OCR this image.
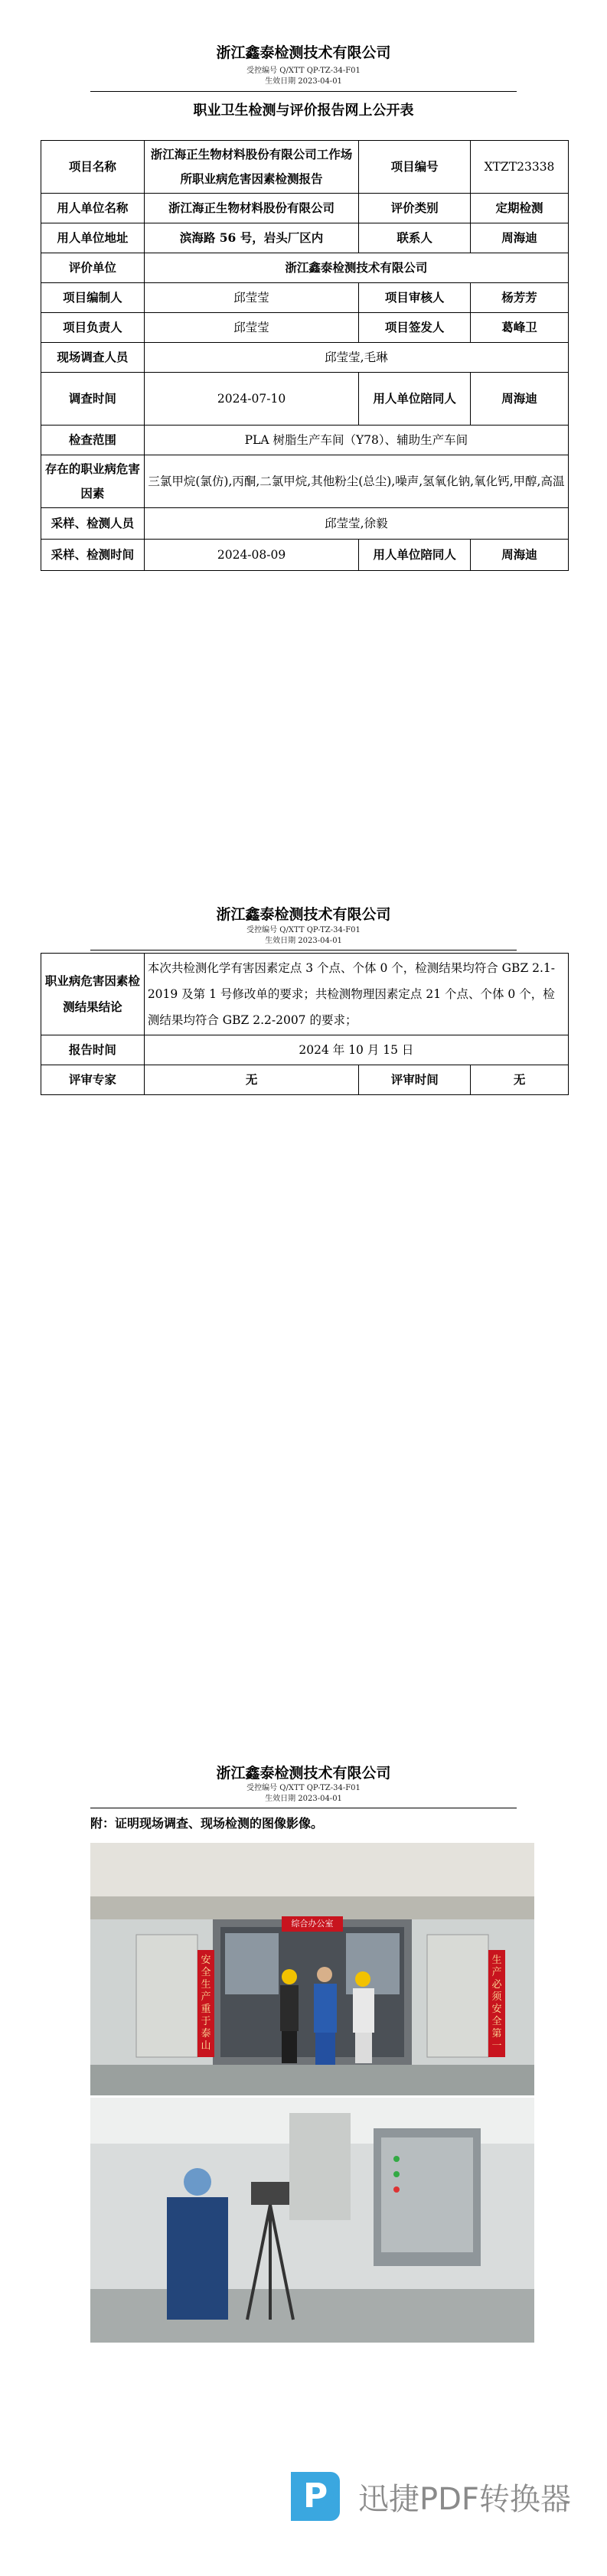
浙江鑫泰检测技术有限公司
受控编号 Q/XTT QP-TZ-34-F01
生效日期 2023-04-01
职业卫生检测与评价报告网上公开表
项目名称	浙江海正生物材料股份有限公司工作场所职业病危害因素检测报告	项目编号	XTZT23338
用人单位名称	浙江海正生物材料股份有限公司	评价类别	定期检测
用人单位地址	滨海路 56 号，岩头厂区内	联系人	周海迪
评价单位	浙江鑫泰检测技术有限公司		
项目编制人	邱莹莹	项目审核人	杨芳芳
项目负责人	邱莹莹	项目签发人	葛峰卫
现场调查人员	邱莹莹,毛琳		
调查时间	2024-07-10	用人单位陪同人	周海迪
检查范围	PLA 树脂生产车间（Y78）、辅助生产车间		
存在的职业病危害因素	三氯甲烷(氯仿),丙酮,二氯甲烷,其他粉尘(总尘),噪声,氢氧化钠,氧化钙,甲醇,高温		
采样、检测人员	邱莹莹,徐毅		
采样、检测时间	2024-08-09	用人单位陪同人	周海迪
浙江鑫泰检测技术有限公司
受控编号 Q/XTT QP-TZ-34-F01
生效日期 2023-04-01
职业病危害因素检测结果结论	本次共检测化学有害因素定点 3 个点、个体 0 个，检测结果均符合 GBZ 2.1-2019 及第 1 号修改单的要求；共检测物理因素定点 21 个点、个体 0 个，检测结果均符合 GBZ 2.2-2007 的要求；		
报告时间	2024 年 10 月 15 日		
评审专家	无	评审时间	无
浙江鑫泰检测技术有限公司
受控编号 Q/XTT QP-TZ-34-F01
生效日期 2023-04-01
附：证明现场调查、现场检测的图像影像。
安全生产重于泰山
生产必须安全第一
综合办公室
P 迅捷PDF转换器
